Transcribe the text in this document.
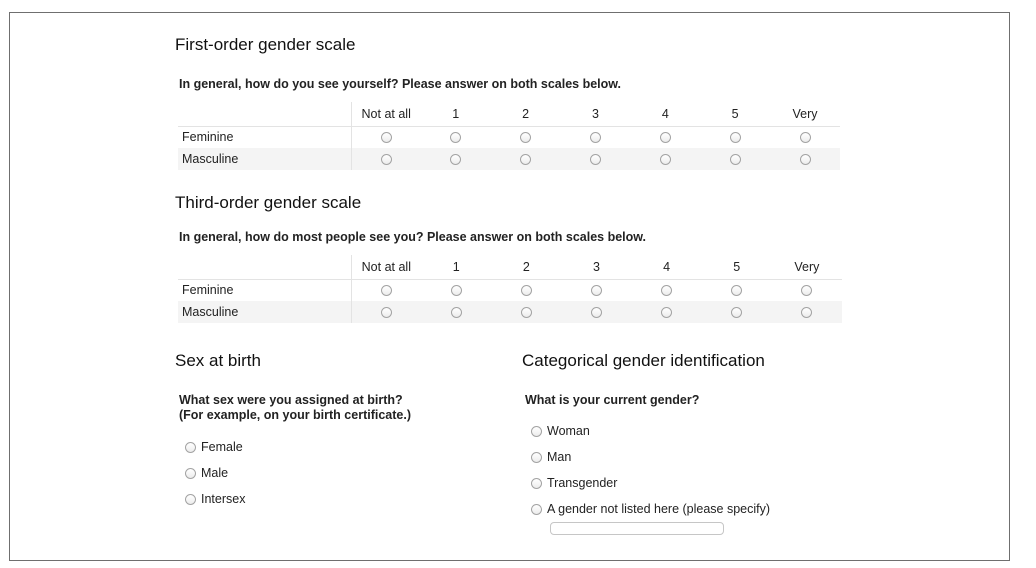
First-order gender scale
In general, how do you see yourself? Please answer on both scales below.
	Not at all	1	2	3	4	5	Very
Feminine							
Masculine							
Third-order gender scale
In general, how do most people see you? Please answer on both scales below.
	Not at all	1	2	3	4	5	Very
Feminine							
Masculine							
Sex at birth
What sex were you assigned at birth?
(For example, on your birth certificate.)
Female
Male
Intersex
Categorical gender identification
What is your current gender?
Woman
Man
Transgender
A gender not listed here (please specify)
